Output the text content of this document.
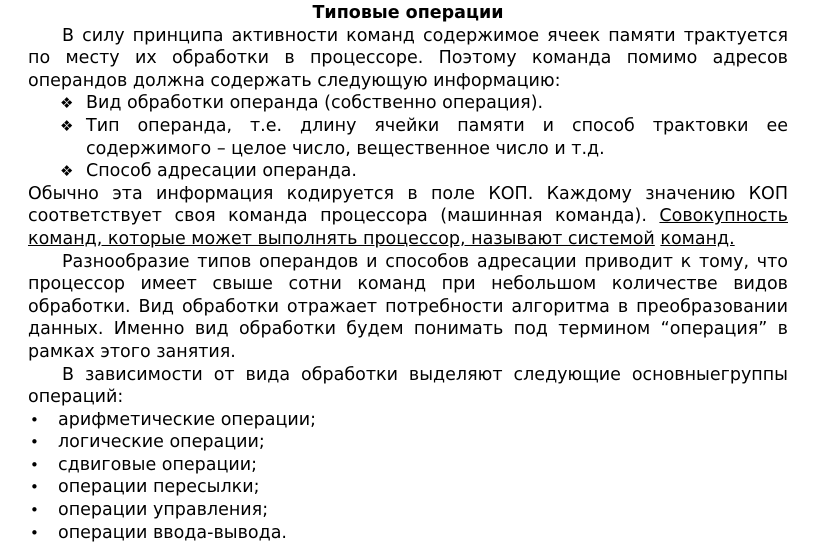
Типовые операции
В силу принципа активности команд содержимое ячеек памяти трактуется по месту их обработки в процессоре. Поэтому команда помимо адресов операндов должна содержать следующую информацию:
❖ Вид обработки операнда (собственно операция).
❖ Тип операнда, т.е. длину ячейки памяти и способ трактовки ее содержимого – целое число, вещественное число и т.д.
❖ Способ адресации операнда.
Обычно эта информация кодируется в поле КОП. Каждому значению КОП соответствует своя команда процессора (машинная команда). Совокупность команд, которые может выполнять процессор, называют системой команд.
Разнообразие типов операндов и способов адресации приводит к тому, что процессор имеет свыше сотни команд при небольшом количестве видов обработки. Вид обработки отражает потребности алгоритма в преобразовании данных. Именно вид обработки будем понимать под термином “операция” в рамках этого занятия.
В зависимости от вида обработки выделяют следующие основныегруппы операций:
• арифметические операции;
• логические операции;
• сдвиговые операции;
• операции пересылки;
• операции управления;
• операции ввода-вывода.
